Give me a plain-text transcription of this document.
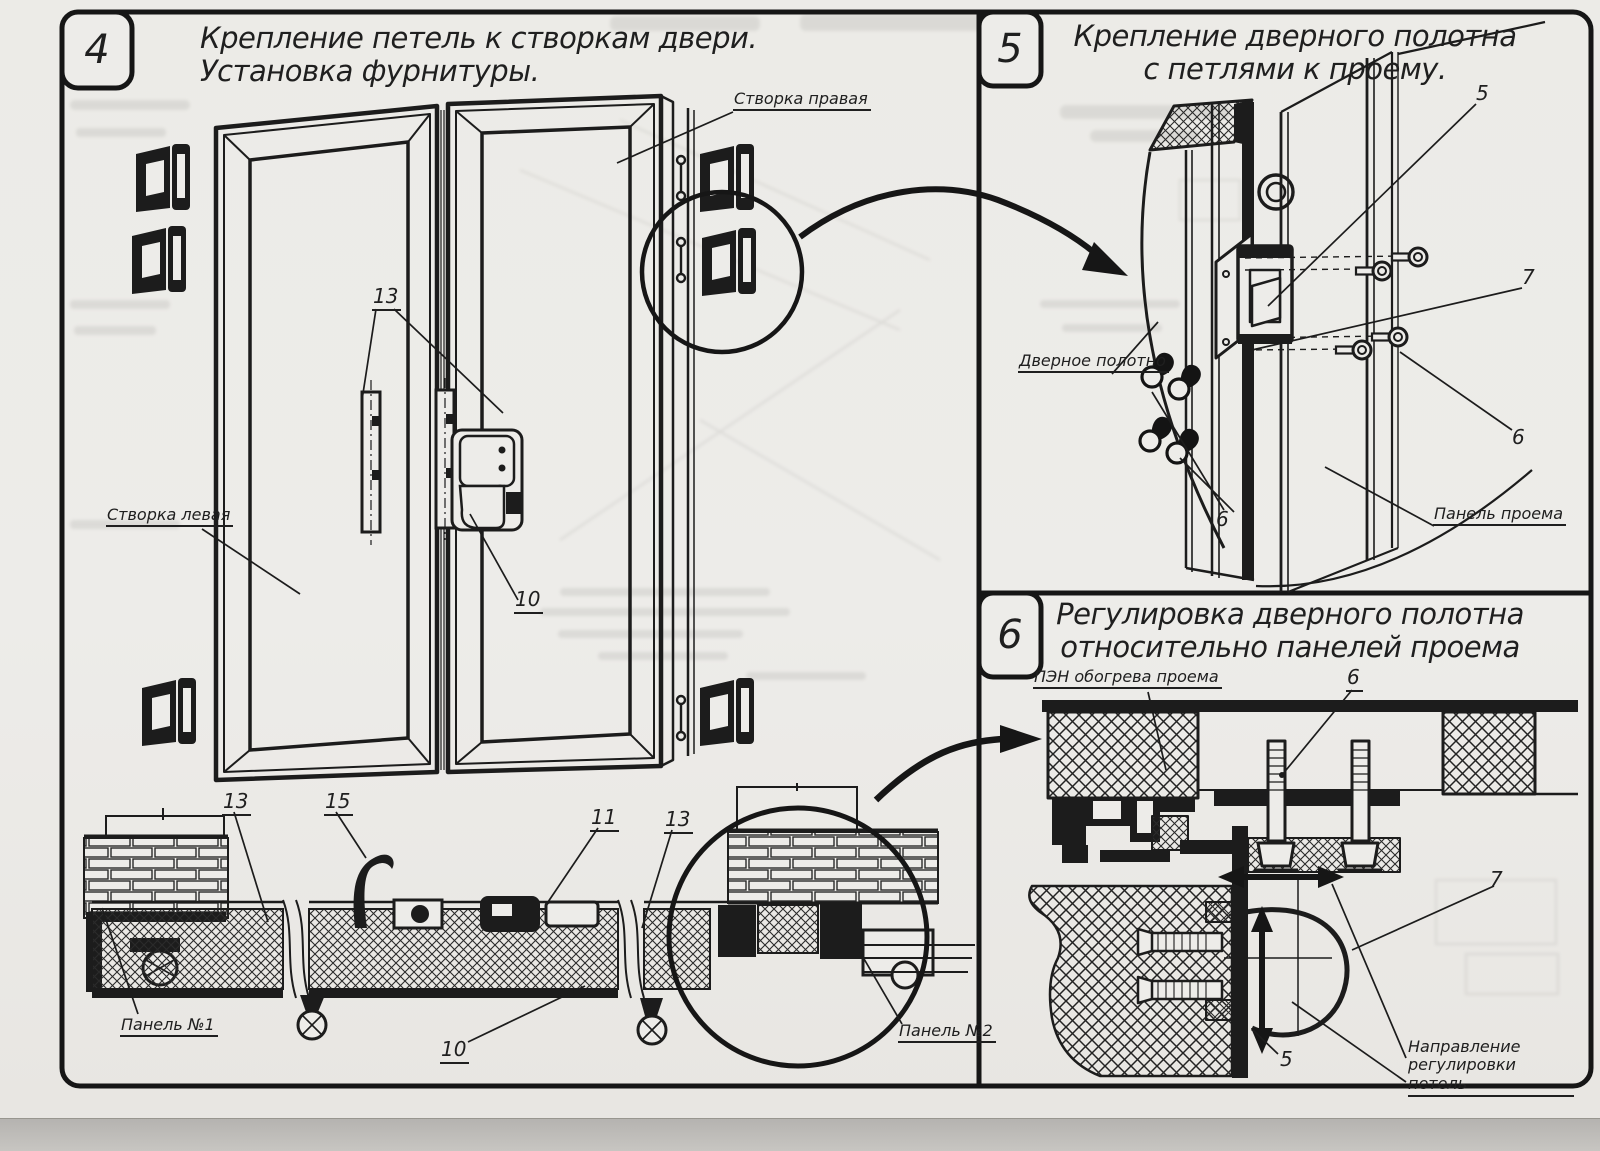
4	5
6
Крепление петель к створкам двери.
Установка фурнитуры.
Крепление дверного полотна
с петлями к проему.
Регулировка дверного полотна
относительно панелей проема
Створка правая
Створка левая
13
10
13	15
11 13
10
Панель №1	Панель №2
Дверное полотно
Панель проема
5
7
6
6
ПЭН обогрева проема	6
7
Направление регулировки
петель
5
